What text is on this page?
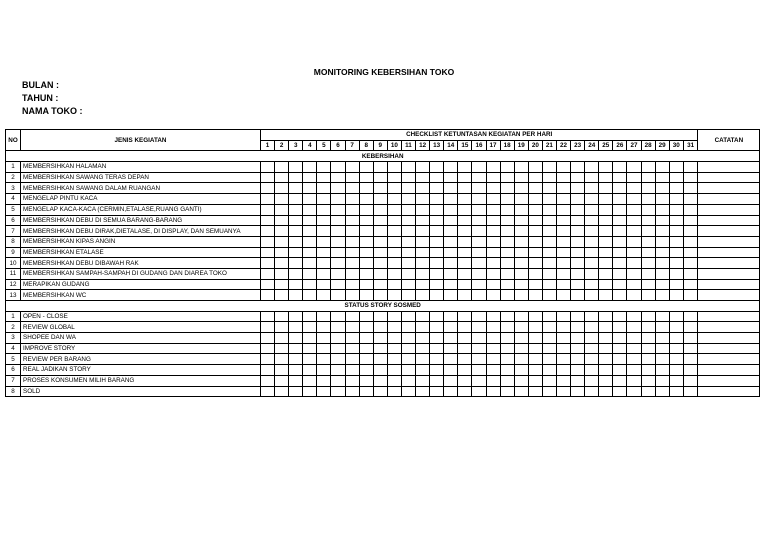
MONITORING KEBERSIHAN TOKO
BULAN :
TAHUN :
NAMA TOKO :
NO	JENIS KEGIATAN	CHECKLIST KETUNTASAN KEGIATAN PER HARI																															CATATAN
		1	2	3	4	5	6	7	8	9	10	11	12	13	14	15	16	17	18	19	20	21	22	23	24	25	26	27	28	29	30	31	
KEBERSIHAN																																	
1	MEMBERSIHKAN HALAMAN																																
2	MEMBERSIHKAN SAWANG TERAS DEPAN																																
3	MEMBERSIHKAN SAWANG DALAM RUANGAN																																
4	MENGELAP PINTU KACA																																
5	MENGELAP KACA-KACA (CERMIN,ETALASE,RUANG GANTI)																																
6	MEMBERSIHKAN DEBU DI SEMUA BARANG-BARANG																																
7	MEMBERSIHKAN DEBU DIRAK,DIETALASE, DI DISPLAY, DAN SEMUANYA																																
8	MEMBERSIHKAN KIPAS ANGIN																																
9	MEMBERSIHKAN ETALASE																																
10	MEMBERSIHKAN DEBU DIBAWAH RAK																																
11	MEMBERSIHKAN SAMPAH-SAMPAH DI GUDANG DAN DIAREA TOKO																																
12	MERAPIKAN GUDANG																																
13	MEMBERSIHKAN WC																																
STATUS STORY SOSMED																																	
1	OPEN - CLOSE																																
2	REVIEW GLOBAL																																
3	SHOPEE DAN WA																																
4	IMPROVE STORY																																
5	REVIEW PER BARANG																																
6	REAL JADIKAN STORY																																
7	PROSES KONSUMEN MILIH BARANG																																
8	SOLD																																
